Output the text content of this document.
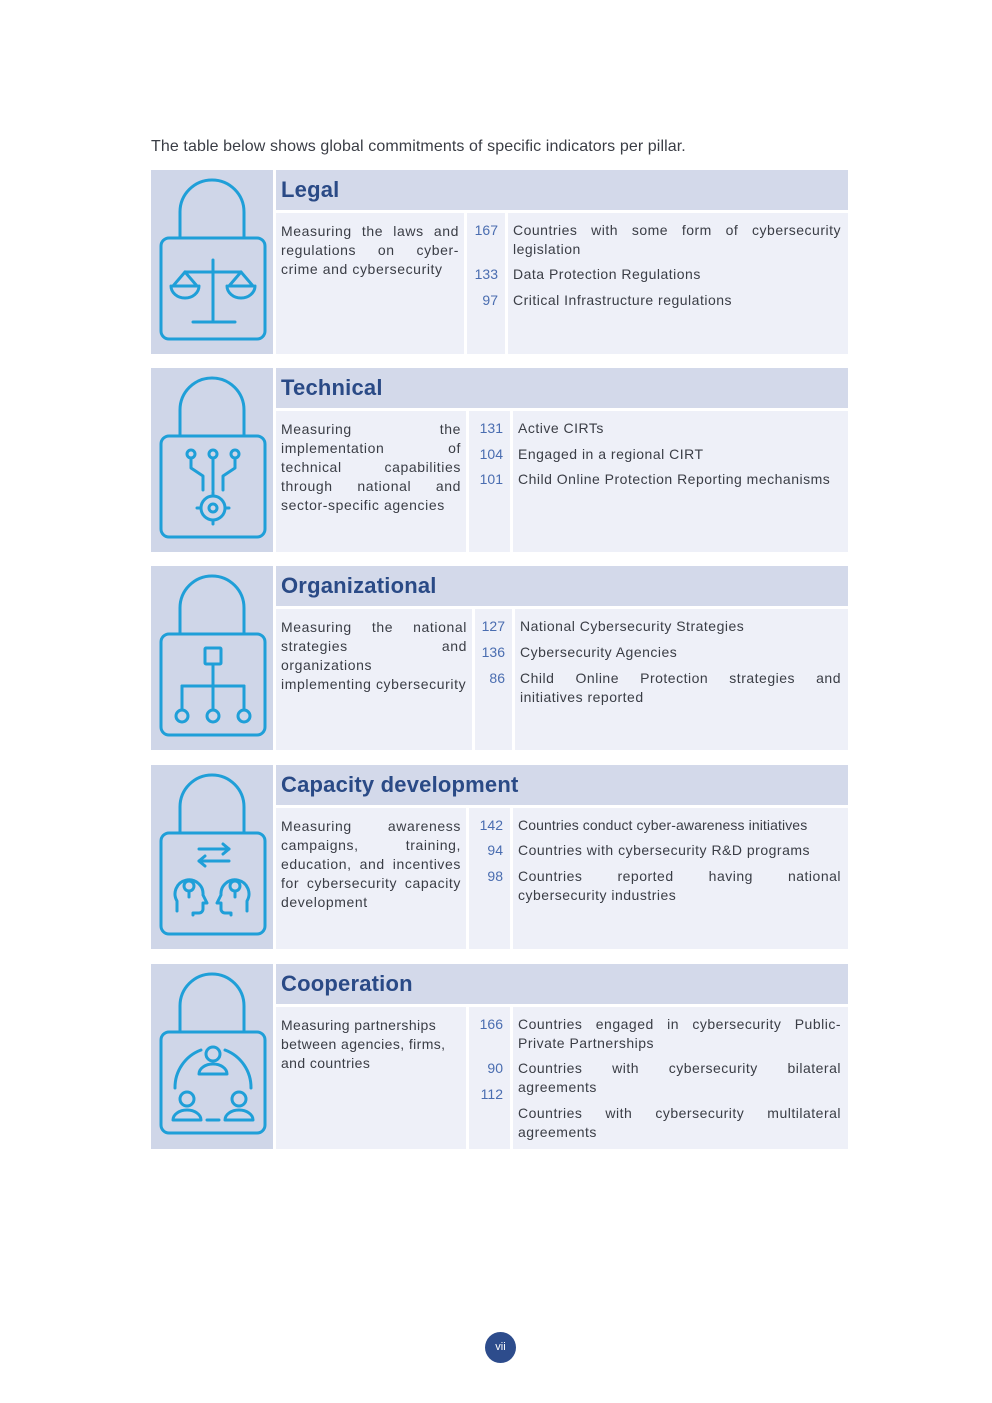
The table below shows global commitments of specific indicators per pillar.
Legal
Measuring the laws and regulations on cyber-crime and cybersecurity
167
133
97
Countries with some form of cybersecurity legislation
Data Protection Regulations
Critical Infrastructure regulations
Technical
Measuring the implementation of technical capabilities through national and sector-specific agencies
131
104
101
Active CIRTs
Engaged in a regional CIRT
Child Online Protection Reporting mechanisms
Organizational
Measuring the national strategies and organizations implementing cybersecurity
127
136
86
National Cybersecurity Strategies
Cybersecurity Agencies
Child Online Protection strategies and initiatives reported
Capacity development
Measuring awareness campaigns, training, education, and incentives for cybersecurity capacity development
142
94
98
Countries conduct cyber-awareness initiatives
Countries with cybersecurity R&D programs
Countries reported having national cybersecurity industries
Cooperation
Measuring partnerships between agencies, firms, and countries
166
90
112
Countries engaged in cybersecurity Public-Private Partnerships
Countries with cybersecurity bilateral agreements
Countries with cybersecurity multilateral agreements
vii
